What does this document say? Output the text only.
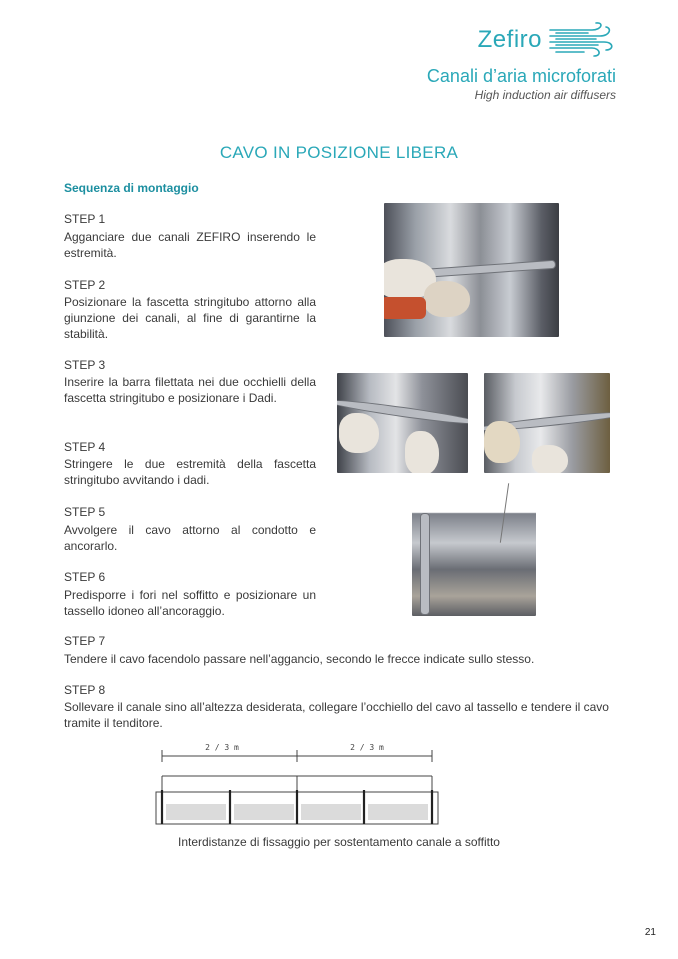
Zefiro
Canali d’aria microforati
High induction air diffusers
CAVO IN POSIZIONE LIBERA
Sequenza di montaggio
STEP 1
Agganciare due canali ZEFIRO inserendo le estremità.
STEP 2
Posizionare la fascetta stringitubo attorno alla giunzione dei canali, al fine di garantirne la stabilità.
STEP 3
Inserire la barra filettata nei due occhielli della fascetta stringitubo e posizionare i Dadi.
STEP 4
Stringere le due estremità della fascetta stringitubo avvitando i dadi.
STEP 5
Avvolgere il cavo attorno al condotto e ancorarlo.
STEP 6
Predisporre i fori nel soffitto e posizionare un tassello idoneo all’ancoraggio.
STEP 7
Tendere il cavo facendolo passare nell’aggancio, secondo le frecce indicate sullo stesso.
STEP 8
Sollevare il canale sino all’altezza desiderata, collegare l’occhiello del cavo al tassello e tendere il cavo tramite il tenditore.
2 / 3 m	2 / 3 m
Interdistanze di fissaggio per sostentamento canale a soffitto
21
